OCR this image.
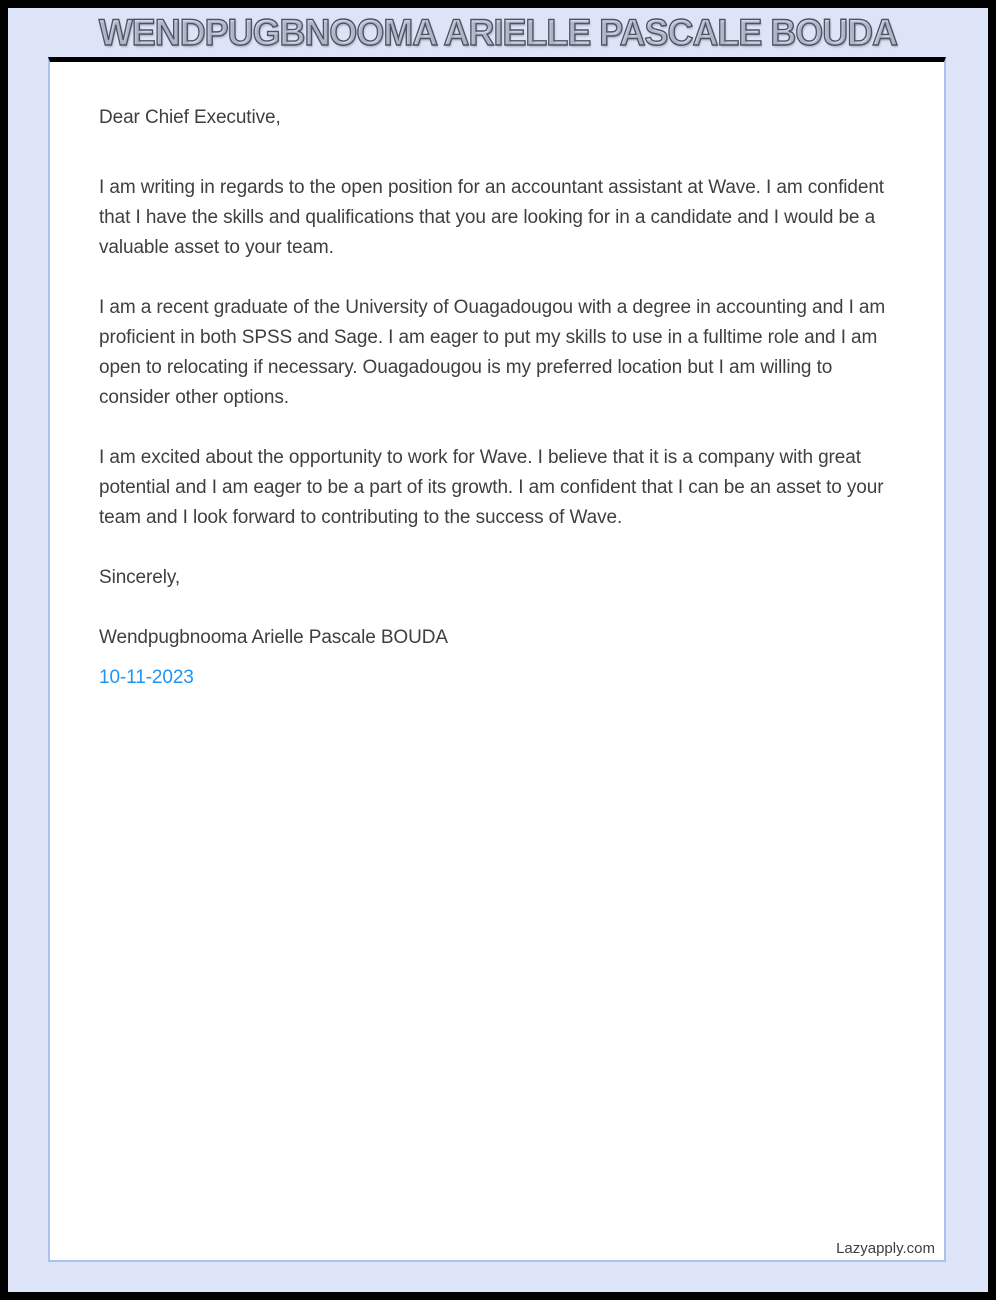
WENDPUGBNOOMA ARIELLE PASCALE BOUDA
Dear Chief Executive,

I am writing in regards to the open position for an accountant assistant at Wave. I am confident that I have the skills and qualifications that you are looking for in a candidate and I would be a valuable asset to your team.

I am a recent graduate of the University of Ouagadougou with a degree in accounting and I am proficient in both SPSS and Sage. I am eager to put my skills to use in a fulltime role and I am open to relocating if necessary. Ouagadougou is my preferred location but I am willing to consider other options.

I am excited about the opportunity to work for Wave. I believe that it is a company with great potential and I am eager to be a part of its growth. I am confident that I can be an asset to your team and I look forward to contributing to the success of Wave.

Sincerely,
Wendpugbnooma Arielle Pascale BOUDA
10-11-2023
Lazyapply.com
